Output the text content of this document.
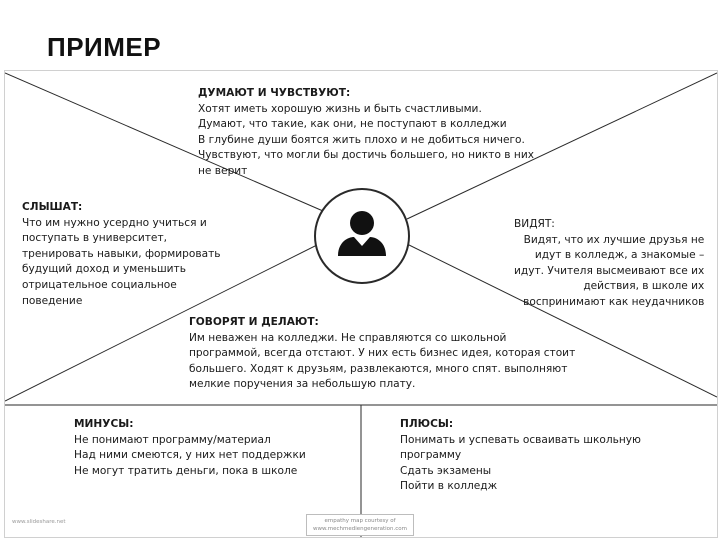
ПРИМЕР
ДУМАЮТ И ЧУВСТВУЮТ:
Хотят иметь хорошую жизнь и быть счастливыми.
Думают, что такие, как они, не поступают в колледжи
В глубине души боятся жить плохо и не добиться ничего.
Чувствуют, что могли бы достичь большего, но никто в них
не верит
СЛЫШАТ:
Что им нужно усердно учиться и
поступать в университет,
тренировать навыки, формировать
будущий доход и уменьшить
отрицательное социальное
поведение
ВИДЯТ:
Видят, что их лучшие друзья не
идут в колледж, а знакомые –
идут. Учителя высмеивают все их
действия, в школе их
воспринимают как неудачников
ГОВОРЯТ И ДЕЛАЮТ:
Им неважен на колледжи. Не справляются со школьной
программой, всегда отстают. У них есть бизнес идея, которая стоит
большего. Ходят к друзьям, развлекаются, много спят. выполняют
мелкие поручения за небольшую плату.
МИНУСЫ:
Не понимают программу/материал
Над ними смеются, у них нет поддержки
Не могут тратить деньги, пока в школе
ПЛЮСЫ:
Понимать и успевать осваивать школьную
программу
Сдать экзамены
Пойти в колледж
www.slideshare.net	empathy map courtesy of
www.mechmediengeneration.com
